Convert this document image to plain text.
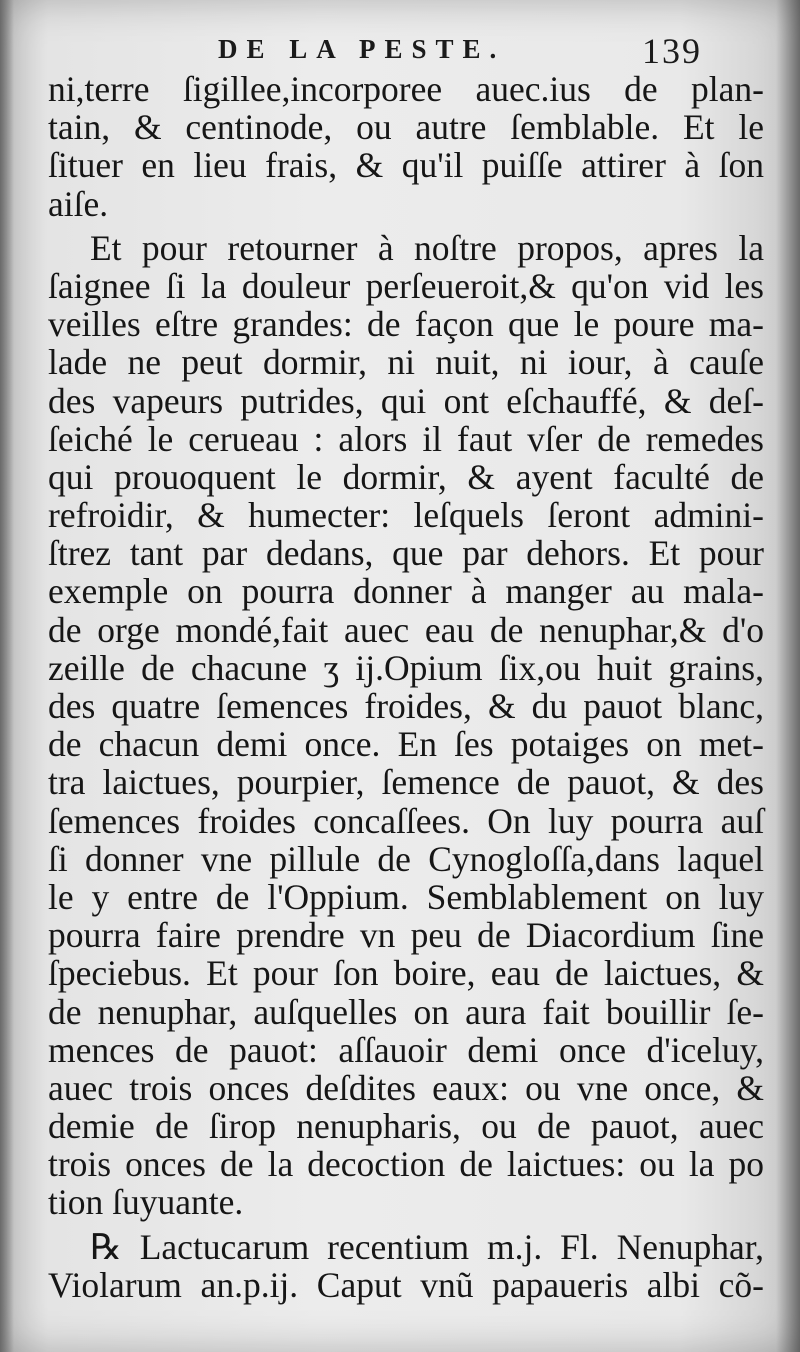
DE LA PESTE.	139
ni,terre ſigillee,incorporee auec.ius de plan-
tain, & centinode, ou autre ſemblable. Et le
ſituer en lieu frais, & qu'il puiſſe attirer à ſon
aiſe.
Et pour retourner à noſtre propos, apres la
ſaignee ſi la douleur perſeueroit,& qu'on vid les
veilles eſtre grandes: de façon que le poure ma-
lade ne peut dormir, ni nuit, ni iour, à cauſe
des vapeurs putrides, qui ont eſchauffé, & deſ-
ſeiché le cerueau : alors il faut vſer de remedes
qui prouoquent le dormir, & ayent faculté de
refroidir, & humecter: leſquels ſeront admini-
ſtrez tant par dedans, que par dehors. Et pour
exemple on pourra donner à manger au mala-
de orge mondé,fait auec eau de nenuphar,& d'o
zeille de chacune ʒ ij.Opium ſix,ou huit grains,
des quatre ſemences froides, & du pauot blanc,
de chacun demi once. En ſes potaiges on met-
tra laictues, pourpier, ſemence de pauot, & des
ſemences froides concaſſees. On luy pourra auſ
ſi donner vne pillule de Cynogloſſa,dans laquel
le y entre de l'Oppium. Semblablement on luy
pourra faire prendre vn peu de Diacordium ſine
ſpeciebus. Et pour ſon boire, eau de laictues, &
de nenuphar, auſquelles on aura fait bouillir ſe-
mences de pauot: aſſauoir demi once d'iceluy,
auec trois onces deſdites eaux: ou vne once, &
demie de ſirop nenupharis, ou de pauot, auec
trois onces de la decoction de laictues: ou la po
tion ſuyuante.
℞ Lactucarum recentium m.j. Fl. Nenuphar,
Violarum an.p.ij. Caput vnũ papaueris albi cõ-
